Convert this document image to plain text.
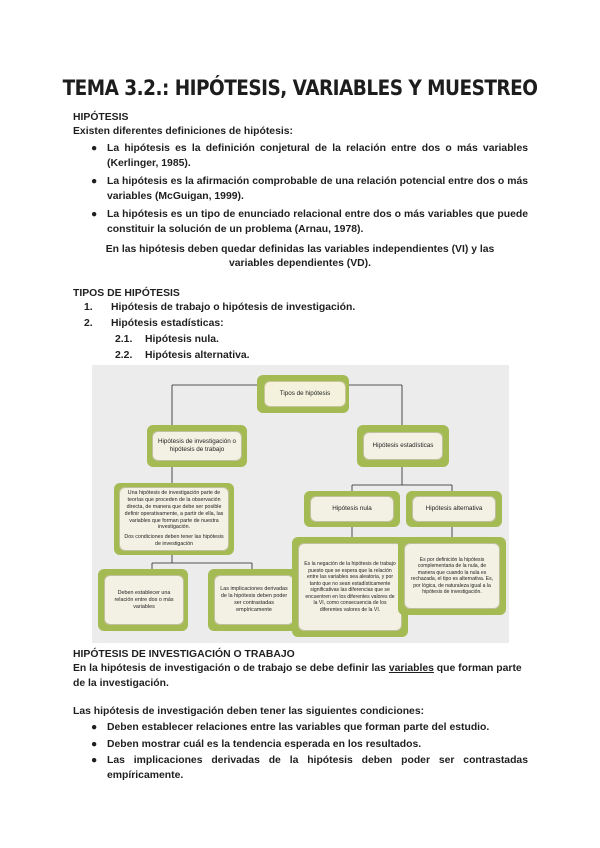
TEMA 3.2.: HIPÓTESIS, VARIABLES Y MUESTREO
HIPÓTESIS
Existen diferentes definiciones de hipótesis:
● La hipótesis es la definición conjetural de la relación entre dos o más variables (Kerlinger, 1985).
● La hipótesis es la afirmación comprobable de una relación potencial entre dos o más variables (McGuigan, 1999).
● La hipótesis es un tipo de enunciado relacional entre dos o más variables que puede constituir la solución de un problema (Arnau, 1978).
En las hipótesis deben quedar definidas las variables independientes (VI) y las variables dependientes (VD).
TIPOS DE HIPÓTESIS
1. Hipótesis de trabajo o hipótesis de investigación.
2. Hipótesis estadísticas:
2.1. Hipótesis nula.
2.2. Hipótesis alternativa.
Tipos de hipótesis
Hipótesis de investigación o hipótesis de trabajo
Hipótesis estadísticas
Una hipótesis de investigación parte de teorías que proceden de la observación directa, de manera que debe ser posible definir operativamente, a partir de ella, las variables que forman parte de nuestra investigación.
Dos condiciones deben tener las hipótesis de investigación
Deben establecer una relación entre dos o más variables
Las implicaciones derivadas de la hipótesis deben poder ser contrastadas empíricamente
Hipótesis nula	Hipótesis alternativa
Es la negación de la hipótesis de trabajo puesto que se espera que la relación entre las variables sea aleatoria, y por tanto que no sean estadísticamente significativas las diferencias que se encuentren en los diferentes valores de la VI, como consecuencia de los diferentes valores de la VI.
Es por definición la hipótesis complementaria de la nula, de manera que cuando la nula es rechazada, el tipo es alternativa. Es, por lógica, de naturaleza igual a la hipótesis de investigación.
HIPÓTESIS DE INVESTIGACIÓN O TRABAJO
En la hipótesis de investigación o de trabajo se debe definir las variables que forman parte de la investigación.
Las hipótesis de investigación deben tener las siguientes condiciones:
● Deben establecer relaciones entre las variables que forman parte del estudio.
● Deben mostrar cuál es la tendencia esperada en los resultados.
● Las implicaciones derivadas de la hipótesis deben poder ser contrastadas empíricamente.
